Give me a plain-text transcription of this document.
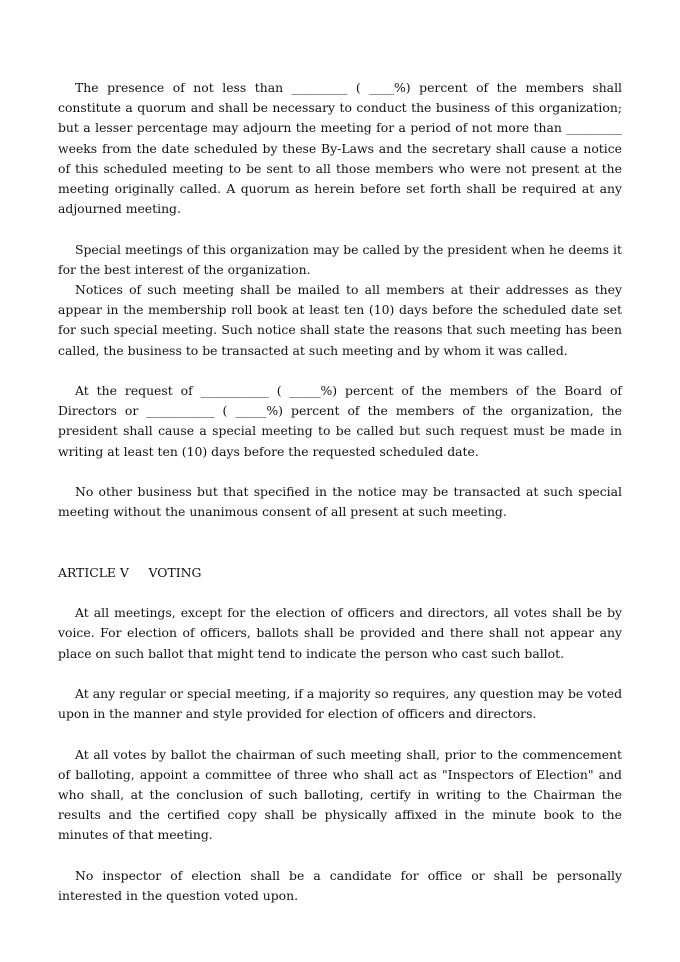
The presence of not less than _________ ( ____%) percent of the members shall constitute a quorum and shall be necessary to conduct the business of this organization; but a lesser percentage may adjourn the meeting for a period of not more than _________ weeks from the date scheduled by these By-Laws and the secretary shall cause a notice of this scheduled meeting to be sent to all those members who were not present at the meeting originally called. A quorum as herein before set forth shall be required at any adjourned meeting.

Special meetings of this organization may be called by the president when he deems it for the best interest of the organization.

Notices of such meeting shall be mailed to all members at their addresses as they appear in the membership roll book at least ten (10) days before the scheduled date set for such special meeting. Such notice shall state the reasons that such meeting has been called, the business to be transacted at such meeting and by whom it was called.

At the request of ___________ ( _____%) percent of the members of the Board of Directors or ___________ ( _____%) percent of the members of the organization, the president shall cause a special meeting to be called but such request must be made in writing at least ten (10) days before the requested scheduled date.

No other business but that specified in the notice may be transacted at such special meeting without the unanimous consent of all present at such meeting.

ARTICLE V     VOTING

At all meetings, except for the election of officers and directors, all votes shall be by voice. For election of officers, ballots shall be provided and there shall not appear any place on such ballot that might tend to indicate the person who cast such ballot.

At any regular or special meeting, if a majority so requires, any question may be voted upon in the manner and style provided for election of officers and directors.

At all votes by ballot the chairman of such meeting shall, prior to the commencement of balloting, appoint a committee of three who shall act as "Inspectors of Election" and who shall, at the conclusion of such balloting, certify in writing to the Chairman the results and the certified copy shall be physically affixed in the minute book to the minutes of that meeting.

No inspector of election shall be a candidate for office or shall be personally interested in the question voted upon.
